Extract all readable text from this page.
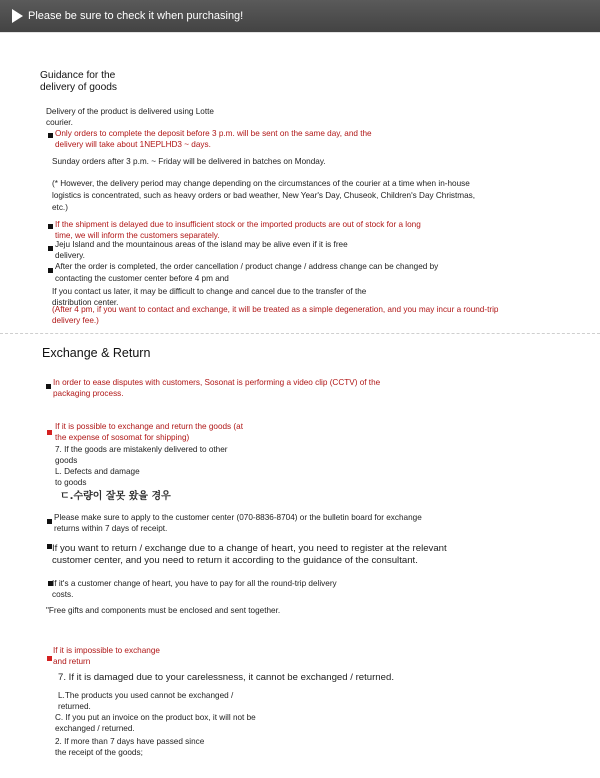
Please be sure to check it when purchasing!
Guidance for the
delivery of goods
Delivery of the product is delivered using Lotte
courier.
Only orders to complete the deposit before 3 p.m. will be sent on the same day, and the
delivery will take about 1NEPLHD3 ~ days.
Sunday orders after 3 p.m. ~ Friday will be delivered in batches on Monday.
(* However, the delivery period may change depending on the circumstances of the courier at a time when in-house
logistics is concentrated, such as heavy orders or bad weather, New Year's Day, Chuseok, Children's Day Christmas,
etc.)
If the shipment is delayed due to insufficient stock or the imported products are out of stock for a long
time, we will inform the customers separately.
Jeju Island and the mountainous areas of the island may be alive even if it is free
delivery.
After the order is completed, the order cancellation / product change / address change can be changed by
contacting the customer center before 4 pm and
If you contact us later, it may be difficult to change and cancel due to the transfer of the
distribution center.
(After 4 pm, if you want to contact and exchange, it will be treated as a simple degeneration, and you may incur a round-trip
delivery fee.)
Exchange & Return
In order to ease disputes with customers, Sosonat is performing a video clip (CCTV) of the
packaging process.
If it is possible to exchange and return the goods (at
the expense of sosomat for shipping)
7. If the goods are mistakenly delivered to other
goods
L. Defects and damage
to goods
ㄷ.수량이 잘못 왔을 경우
Please make sure to apply to the customer center (070-8836-8704) or the bulletin board for exchange
returns within 7 days of receipt.
If you want to return / exchange due to a change of heart, you need to register at the relevant
customer center, and you need to return it according to the guidance of the consultant.
If it's a customer change of heart, you have to pay for all the round-trip delivery
costs.
"Free gifts and components must be enclosed and sent together.
If it is impossible to exchange
and return
7. If it is damaged due to your carelessness, it cannot be exchanged / returned.
L.The products you used cannot be exchanged /
returned.
C. If you put an invoice on the product box, it will not be
exchanged / returned.
2. If more than 7 days have passed since
the receipt of the goods;
